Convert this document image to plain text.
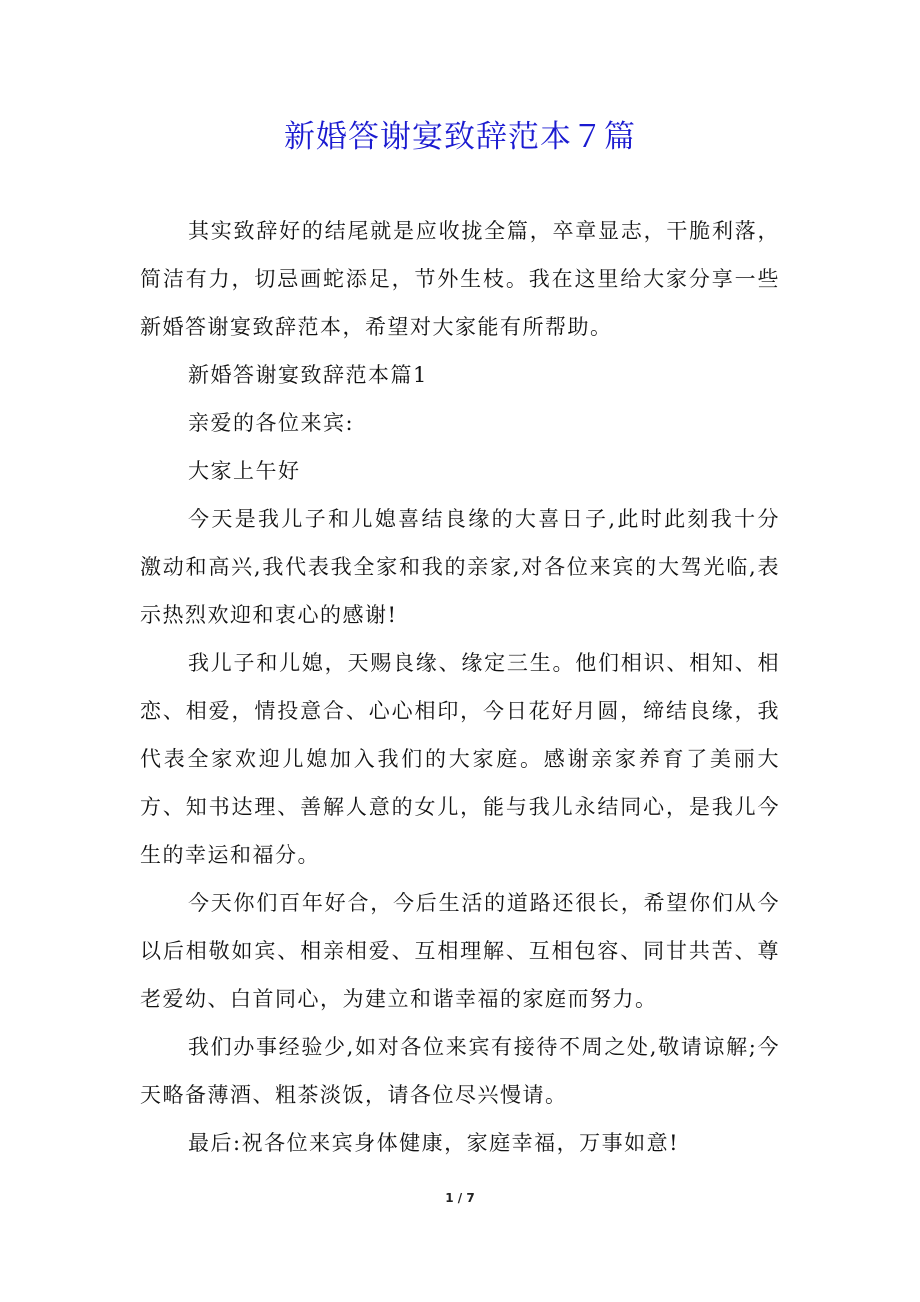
新婚答谢宴致辞范本７篇

其实致辞好的结尾就是应收拢全篇，卒章显志，干脆利落，简洁有力，切忌画蛇添足，节外生枝。我在这里给大家分享一些新婚答谢宴致辞范本，希望对大家能有所帮助。

新婚答谢宴致辞范本篇1

亲爱的各位来宾:

大家上午好

今天是我儿子和儿媳喜结良缘的大喜日子,此时此刻我十分激动和高兴,我代表我全家和我的亲家,对各位来宾的大驾光临,表示热烈欢迎和衷心的感谢!

我儿子和儿媳，天赐良缘、缘定三生。他们相识、相知、相恋、相爱，情投意合、心心相印，今日花好月圆，缔结良缘，我代表全家欢迎儿媳加入我们的大家庭。感谢亲家养育了美丽大方、知书达理、善解人意的女儿，能与我儿永结同心，是我儿今生的幸运和福分。

今天你们百年好合，今后生活的道路还很长，希望你们从今以后相敬如宾、相亲相爱、互相理解、互相包容、同甘共苦、尊老爱幼、白首同心，为建立和谐幸福的家庭而努力。

我们办事经验少,如对各位来宾有接待不周之处,敬请谅解;今天略备薄酒、粗茶淡饭，请各位尽兴慢请。

最后:祝各位来宾身体健康，家庭幸福，万事如意!

1 / 7
